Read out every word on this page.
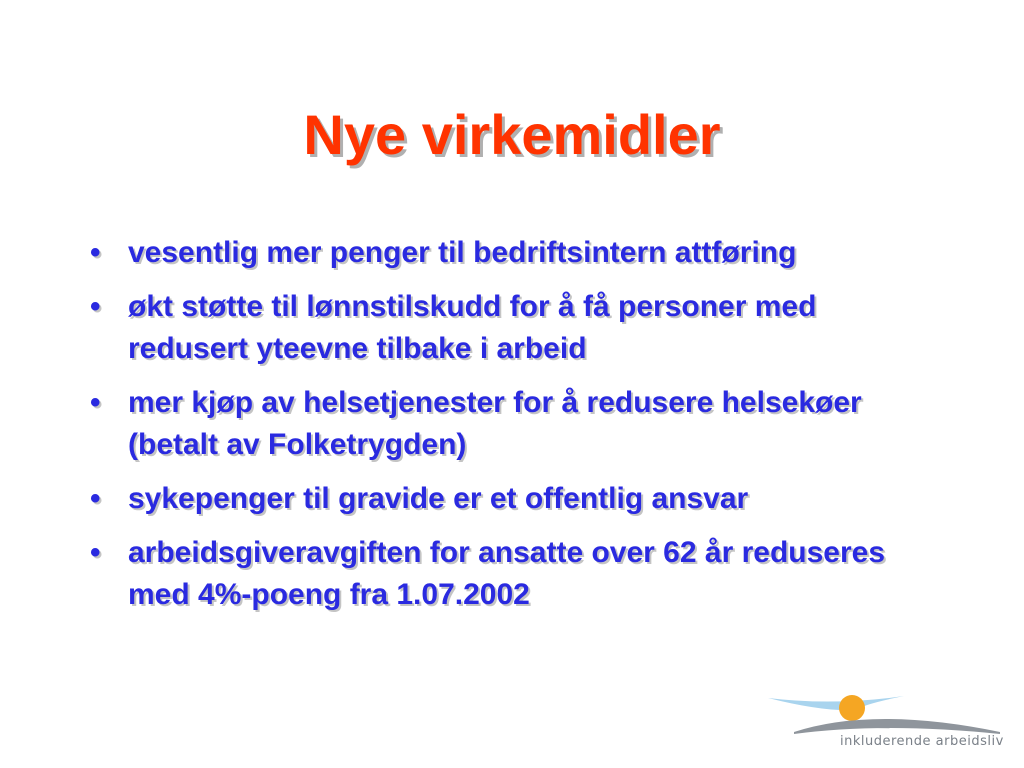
Nye virkemidler
• vesentlig mer penger til bedriftsintern attføring
• økt støtte til lønnstilskudd for å få personer med redusert yteevne tilbake i arbeid
• mer kjøp av helsetjenester for å redusere helsekøer (betalt av Folketrygden)
• sykepenger til gravide er et offentlig ansvar
• arbeidsgiveravgiften for ansatte over 62 år reduseres med 4%-poeng fra 1.07.2002
inkluderende arbeidsliv
